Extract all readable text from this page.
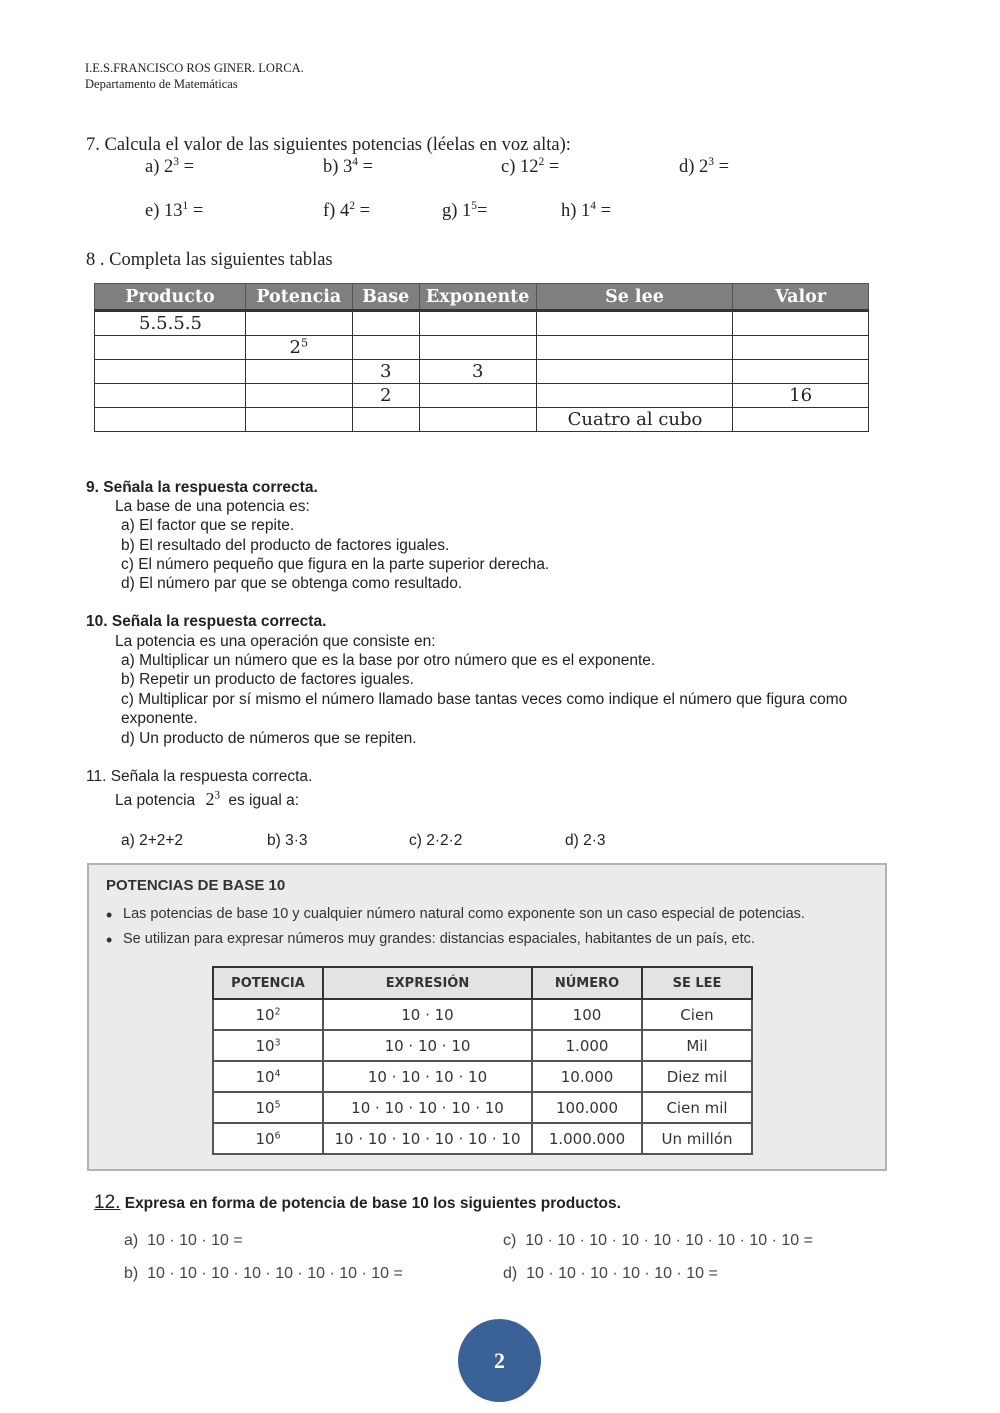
I.E.S.FRANCISCO ROS GINER. LORCA.
Departamento de Matemáticas
7. Calcula el valor de las siguientes potencias (léelas en voz alta):
a) $2^3$ =	b) $3^4$ =	c) $12^2$ =	d) $2^3$ =
e) $13^1$ =	f) $4^2$ =	g) $1^5=$	h) $1^4$ =
8 . Completa las siguientes tablas
Producto	Potencia	Base	Exponente	Se lee	Valor
5.5.5.5					
	$2^5$				
		3	3		
		2			16
				Cuatro al cubo	
9. Señala la respuesta correcta.
La base de una potencia es:
a) El factor que se repite.
b) El resultado del producto de factores iguales.
c) El número pequeño que figura en la parte superior derecha.
d) El número par que se obtenga como resultado.
10. Señala la respuesta correcta.
La potencia es una operación que consiste en:
a) Multiplicar un número que es la base por otro número que es el exponente.
b) Repetir un producto de factores iguales.
c) Multiplicar por sí mismo el número llamado base tantas veces como indique el número que figura como
exponente.
d) Un producto de números que se repiten.
11. Señala la respuesta correcta.
La potencia $2^3$ es igual a:
a) 2+2+2	b) 3·3	c) 2·2·2	d) 2·3
POTENCIAS DE BASE 10
• Las potencias de base 10 y cualquier número natural como exponente son un caso especial de potencias.
• Se utilizan para expresar números muy grandes: distancias espaciales, habitantes de un país, etc.
POTENCIA	EXPRESIÓN	NÚMERO	SE LEE
$10^2$	10 · 10	100	Cien
$10^3$	10 · 10 · 10	1.000	Mil
$10^4$	10 · 10 · 10 · 10	10.000	Diez mil
$10^5$	10 · 10 · 10 · 10 · 10	100.000	Cien mil
$10^6$	10 · 10 · 10 · 10 · 10 · 10	1.000.000	Un millón
12. Expresa en forma de potencia de base 10 los siguientes productos.
a) 10 · 10 · 10 =	c) 10 · 10 · 10 · 10 · 10 · 10 · 10 · 10 · 10 =
b) 10 · 10 · 10 · 10 · 10 · 10 · 10 · 10 =	d) 10 · 10 · 10 · 10 · 10 · 10 =
2
